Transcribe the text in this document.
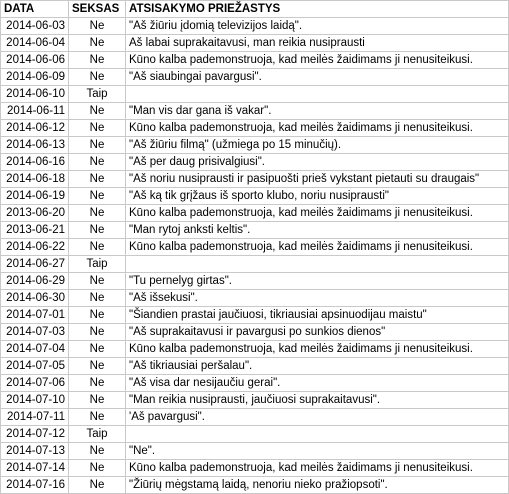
DATA	SEKSAS	ATSISAKYMO PRIEŽASTYS
2014-06-03	Ne	"Aš žiūriu įdomią televizijos laidą".
2014-06-04	Ne	Aš labai suprakaitavusi, man reikia nusiprausti
2014-06-06	Ne	Kūno kalba pademonstruoja, kad meilės žaidimams ji nenusiteikusi.
2014-06-09	Ne	"Aš siaubingai pavargusi".
2014-06-10	Taip	
2014-06-11	Ne	"Man vis dar gana iš vakar".
2014-06-12	Ne	Kūno kalba pademonstruoja, kad meilės žaidimams ji nenusiteikusi.
2014-06-13	Ne	"Aš žiūriu filmą" (užmiega po 15 minučių).
2014-06-16	Ne	"Aš per daug prisivalgiusi".
2014-06-18	Ne	"Aš noriu nusiprausti ir pasipuošti prieš vykstant pietauti su draugais"
2014-06-19	Ne	"Aš ką tik grįžaus iš sporto klubo, noriu nusiprausti"
2013-06-20	Ne	Kūno kalba pademonstruoja, kad meilės žaidimams ji nenusiteikusi.
2013-06-21	Ne	"Man rytoj anksti keltis".
2014-06-22	Ne	Kūno kalba pademonstruoja, kad meilės žaidimams ji nenusiteikusi.
2014-06-27	Taip	
2014-06-29	Ne	"Tu pernelyg girtas".
2014-06-30	Ne	"Aš išsekusi".
2014-07-01	Ne	"Šiandien prastai jaučiuosi, tikriausiai apsinuodijau maistu"
2014-07-03	Ne	"Aš suprakaitavusi ir pavargusi po sunkios dienos"
2014-07-04	Ne	Kūno kalba pademonstruoja, kad meilės žaidimams ji nenusiteikusi.
2014-07-05	Ne	"Aš tikriausiai peršalau".
2014-07-06	Ne	"Aš visa dar nesijaučiu gerai".
2014-07-10	Ne	"Man reikia nusiprausti, jaučiuosi suprakaitavusi".
2014-07-11	Ne	'Aš pavargusi".
2014-07-12	Taip	
2014-07-13	Ne	"Ne".
2014-07-14	Ne	Kūno kalba pademonstruoja, kad meilės žaidimams ji nenusiteikusi.
2014-07-16	Ne	"Žiūrių mėgstamą laidą, nenoriu nieko pražiopsoti".
